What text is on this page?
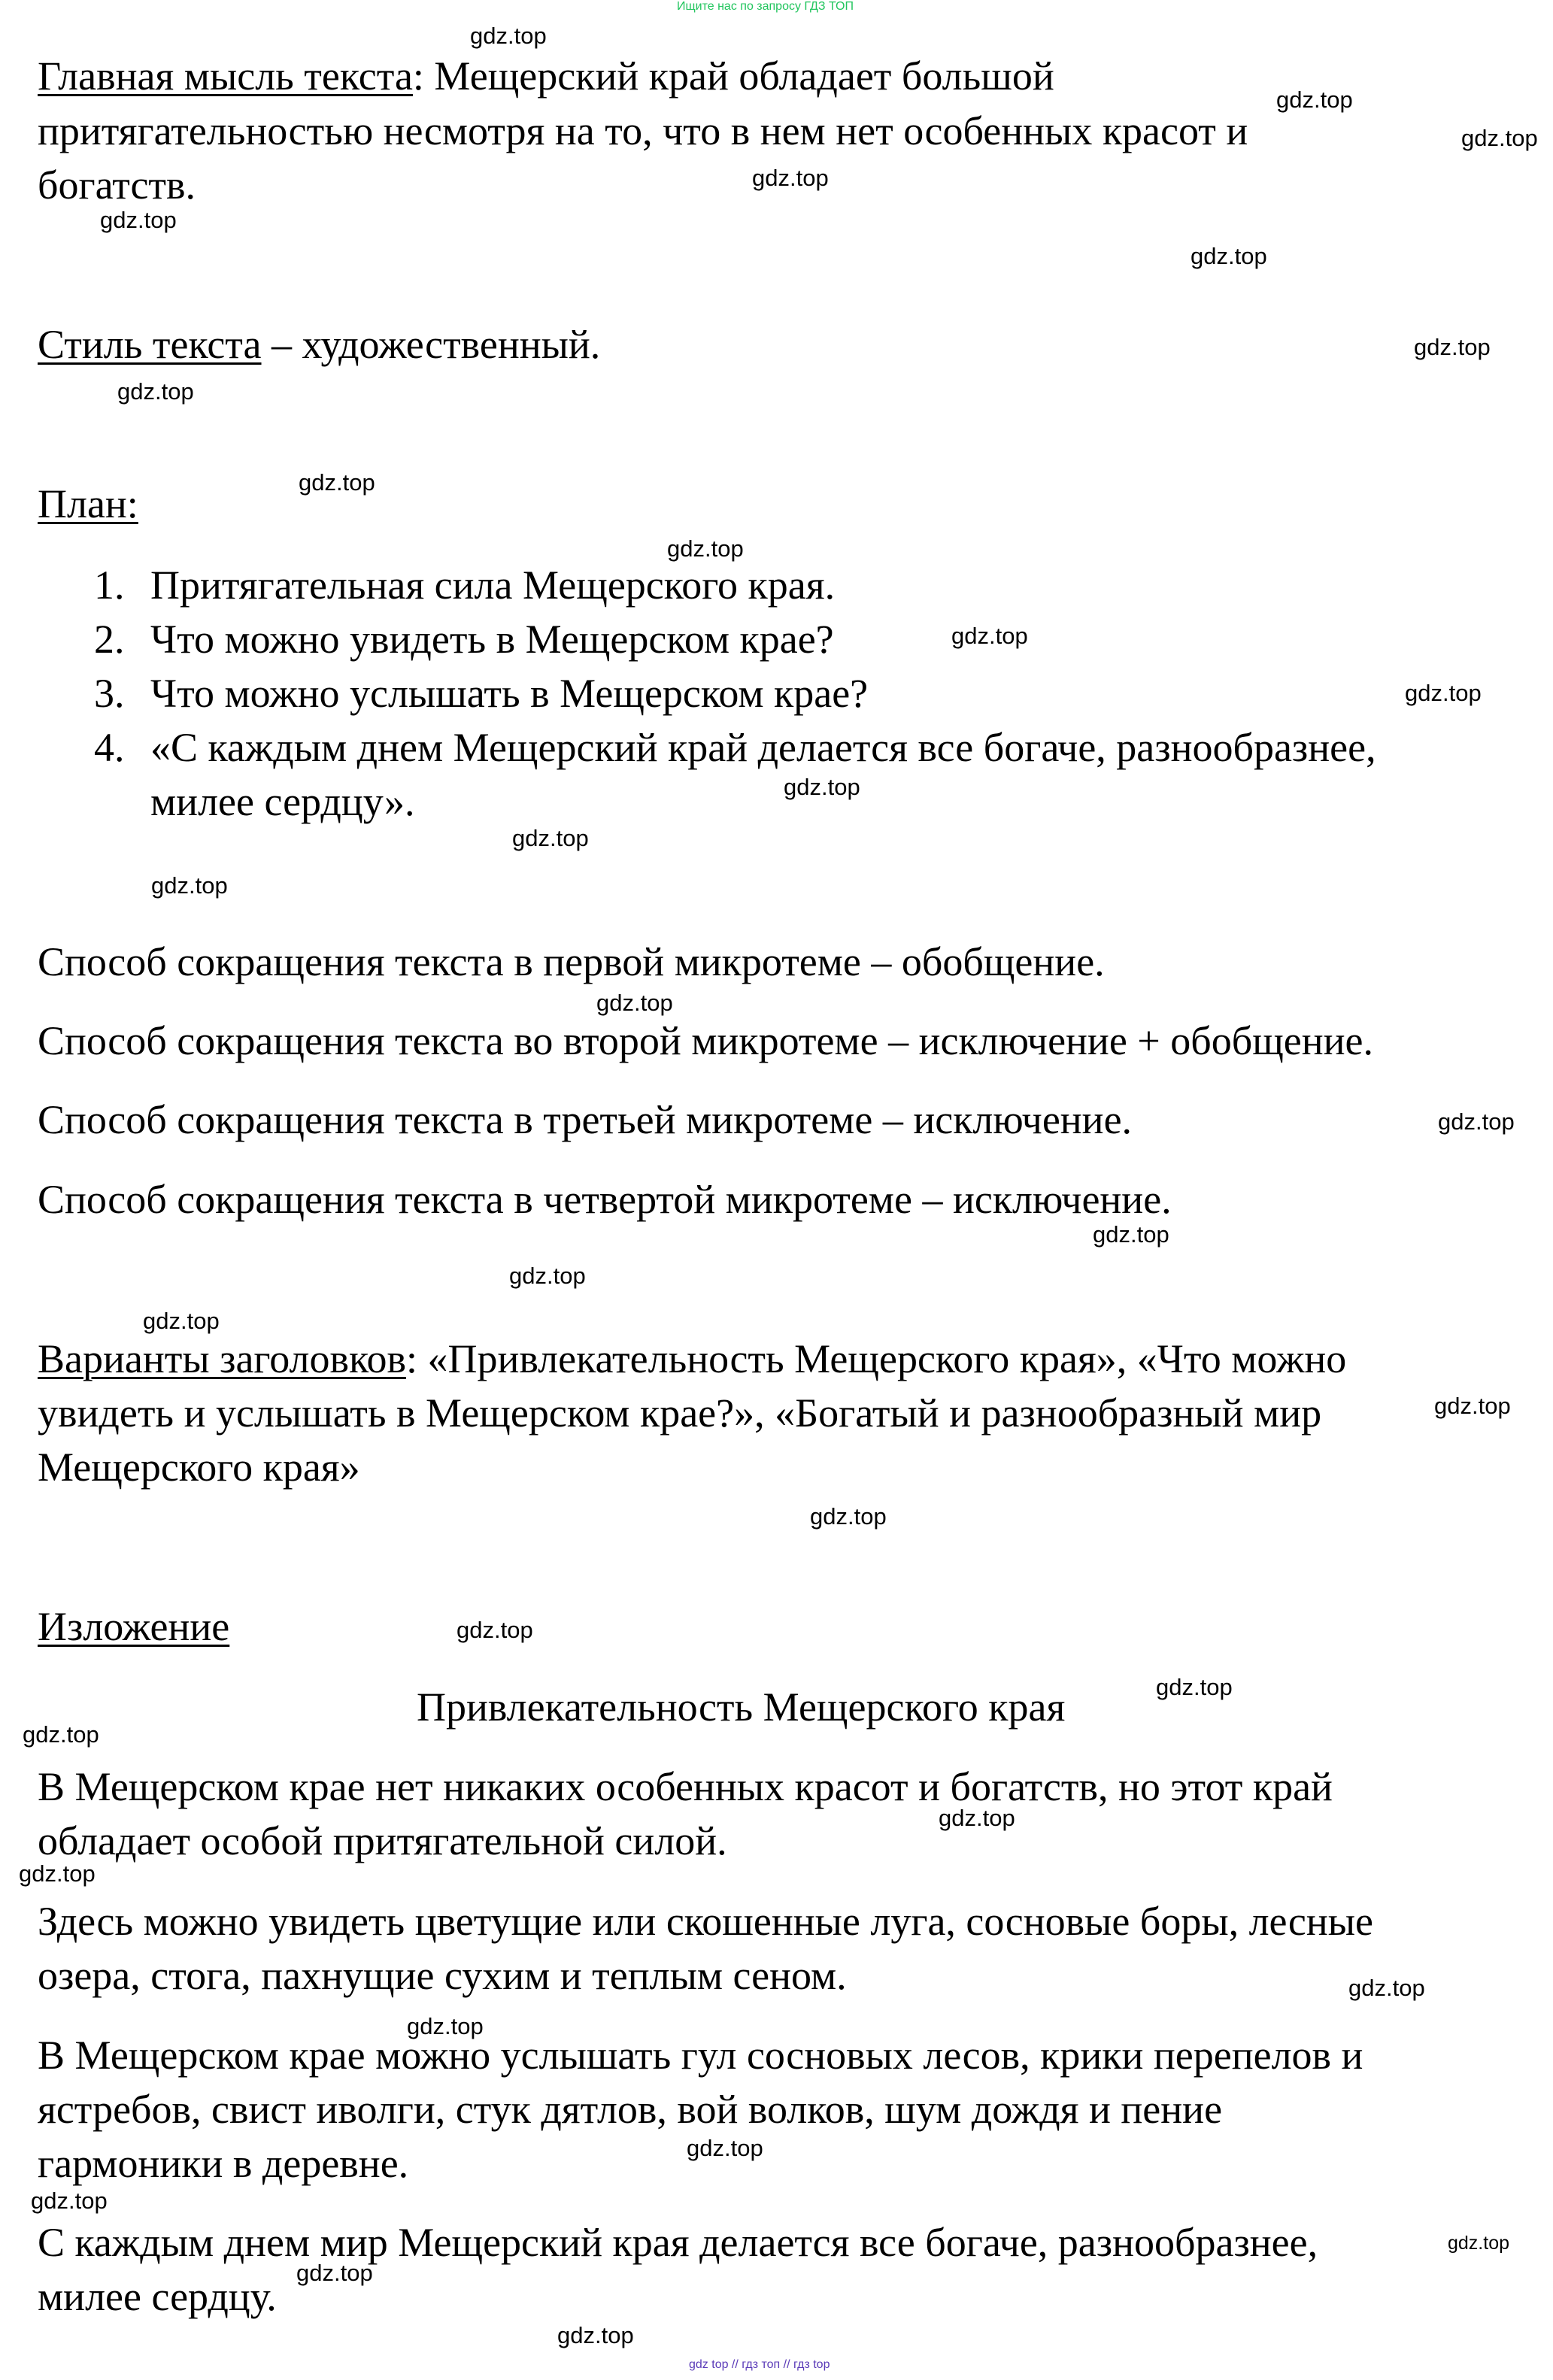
Ищите нас по запросу ГДЗ ТОП
Главная мысль текста: Мещерский край обладает большой
притягательностью несмотря на то, что в нем нет особенных красот и
богатств.
Стиль текста – художественный.
План:
1. Притягательная сила Мещерского края.
2. Что можно увидеть в Мещерском крае?
3. Что можно услышать в Мещерском крае?
4. «С каждым днем Мещерский край делается все богаче, разнообразнее,
милее сердцу».
Способ сокращения текста в первой микротеме – обобщение.
Способ сокращения текста во второй микротеме – исключение + обобщение.
Способ сокращения текста в третьей микротеме – исключение.
Способ сокращения текста в четвертой микротеме – исключение.
Варианты заголовков: «Привлекательность Мещерского края», «Что можно
увидеть и услышать в Мещерском крае?», «Богатый и разнообразный мир
Мещерского края»
Изложение
Привлекательность Мещерского края
В Мещерском крае нет никаких особенных красот и богатств, но этот край
обладает особой притягательной силой.
Здесь можно увидеть цветущие или скошенные луга, сосновые боры, лесные
озера, стога, пахнущие сухим и теплым сеном.
В Мещерском крае можно услышать гул сосновых лесов, крики перепелов и
ястребов, свист иволги, стук дятлов, вой волков, шум дождя и пение
гармоники в деревне.
С каждым днем мир Мещерский края делается все богаче, разнообразнее,
милее сердцу.
gdz.top
gdz.top
gdz.top
gdz.top
gdz.top
gdz.top
gdz.top
gdz.top
gdz.top
gdz.top
gdz.top
gdz.top
gdz.top
gdz.top
gdz.top
gdz.top
gdz.top
gdz.top
gdz.top
gdz.top
gdz.top
gdz.top
gdz.top
gdz.top
gdz.top
gdz.top
gdz.top
gdz.top
gdz.top
gdz.top
gdz.top
gdz.top
gdz.top
gdz.top
gdz top // гдз топ // гдз top
